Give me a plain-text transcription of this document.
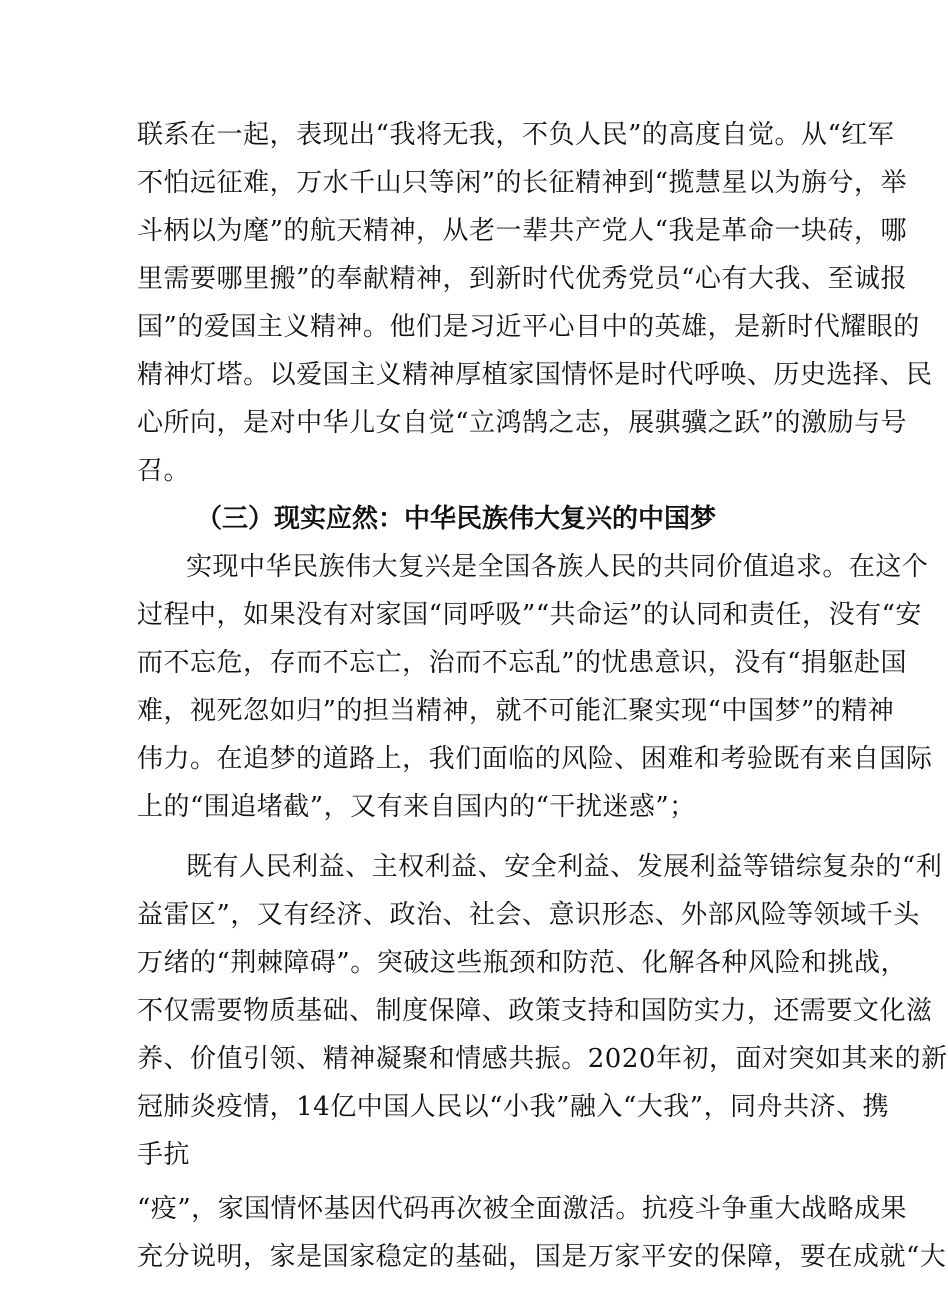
联 系 在 一 起 ， 表 现 出 “ 我 将 无 我 ， 不 负 人 民 ” 的 高 度 自 觉 。 从 “ 红 军
不 怕 远 征 难 ， 万 水 千 山 只 等 闲 ” 的 长 征 精 神 到 “ 揽 慧 星 以 为 旃 兮 ， 举
斗 柄 以 为 麾 ” 的 航 天 精 神 ， 从 老 一 辈 共 产 党 人 “ 我 是 革 命 一 块 砖 ， 哪
里 需 要 哪 里 搬 ” 的 奉 献 精 神 ， 到 新 时 代 优 秀 党 员 “ 心 有 大 我 、 至 诚 报
国 ” 的 爱 国 主 义 精 神 。 他 们 是 习 近 平 心 目 中 的 英 雄 ， 是 新 时 代 耀 眼 的
精 神 灯 塔 。 以 爱 国 主 义 精 神 厚 植 家 国 情 怀 是 时 代 呼 唤 、 历 史 选 择 、 民
心 所 向 ， 是 对 中 华 儿 女 自 觉 “ 立 鸿 鹄 之 志 ， 展 骐 骥 之 跃 ” 的 激 励 与 号
召。
（三）现实应然：中华民族伟大复兴的中国梦
实 现 中 华 民 族 伟 大 复 兴 是 全 国 各 族 人 民 的 共 同 价 值 追 求 。 在 这 个
过 程 中 ， 如 果 没 有 对 家 国 “ 同 呼 吸 ” “ 共 命 运 ” 的 认 同 和 责 任 ， 没 有 “ 安
而 不 忘 危 ， 存 而 不 忘 亡 ， 治 而 不 忘 乱 ” 的 忧 患 意 识 ， 没 有 “ 捐 躯 赴 国
难 ， 视 死 忽 如 归 ” 的 担 当 精 神 ， 就 不 可 能 汇 聚 实 现 “ 中 国 梦 ” 的 精 神
伟 力 。 在 追 梦 的 道 路 上 ， 我 们 面 临 的 风 险 、 困 难 和 考 验 既 有 来 自 国 际
上的“围追堵截”，又有来自国内的“干扰迷惑”；
既 有 人 民 利 益 、 主 权 利 益 、 安 全 利 益 、 发 展 利 益 等 错 综 复 杂 的 “ 利
益 雷 区 ” ， 又 有 经 济 、 政 治 、 社 会 、 意 识 形 态 、 外 部 风 险 等 领 域 千 头
万 绪 的 “ 荆 棘 障 碍 ” 。 突 破 这 些 瓶 颈 和 防 范 、 化 解 各 种 风 险 和 挑 战 ，
不 仅 需 要 物 质 基 础 、 制 度 保 障 、 政 策 支 持 和 国 防 实 力 ， 还 需 要 文 化 滋
养 、 价 值 引 领 、 精 神 凝 聚 和 情 感 共 振 。 2020 年 初 ， 面 对 突 如 其 来 的 新
冠 肺 炎 疫 情 ， 14 亿 中 国 人 民 以 “ 小 我 ” 融 入 “ 大 我 ” ， 同 舟 共 济 、 携
手抗
“ 疫 ” ， 家 国 情 怀 基 因 代 码 再 次 被 全 面 激 活 。 抗 疫 斗 争 重 大 战 略 成 果
充 分 说 明 ， 家 是 国 家 稳 定 的 基 础 ， 国 是 万 家 平 安 的 保 障 ， 要 在 成 就 “ 大
